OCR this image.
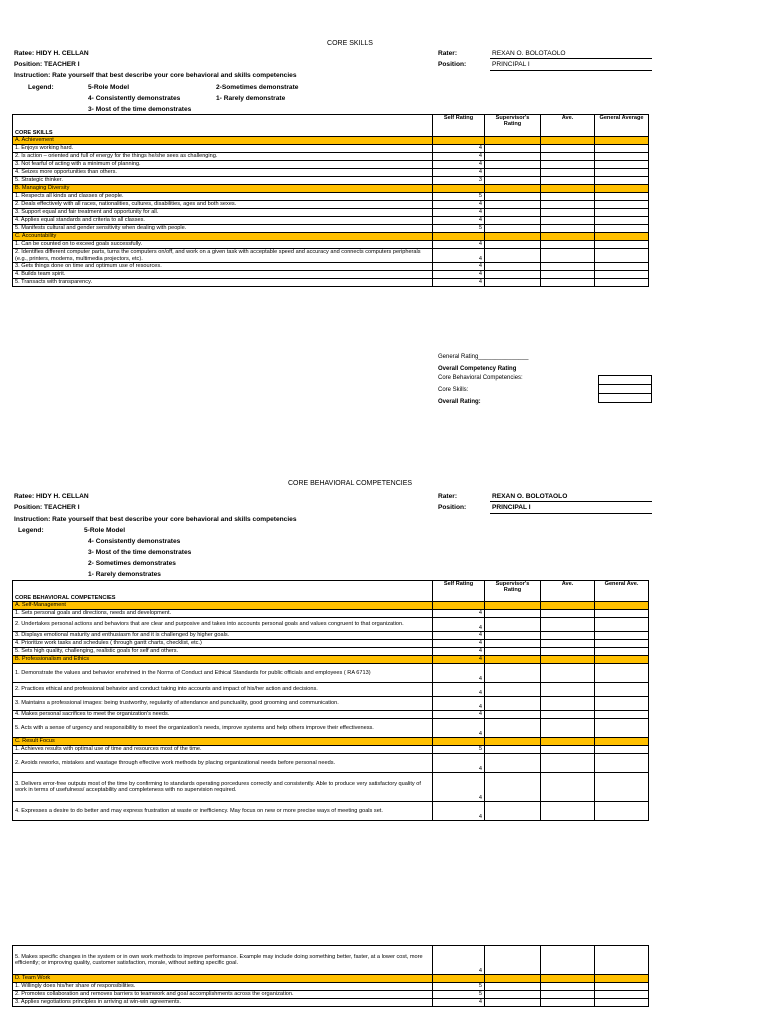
CORE SKILLS
Ratee: HIDY H. CELLAN
Position: TEACHER I
Instruction: Rate yourself that best describe your core behavioral and skills competencies
Legend:	5-Role Model	2-Sometimes demonstrate
4- Consistently demonstrates	1- Rarely demonstrate
3- Most of the time demonstrates
Rater:	REXAN O. BOLOTAOLO
Position:	PRINCIPAL I
CORE SKILLS	Self Rating	Supervisor's Rating	Ave.	General Average
A. Achievement				
1. Enjoys working hard.	4			
2. Is action – oriented and full of energy for the things he/she sees as challenging.	4			
3. Not fearful of acting with a minimum of planning.	4			
4. Seizes more opportunities than others.	4			
5. Strategic thinker.	3			
B. Managing Diversity				
1. Respects all kinds and classes of people.	5			
2. Deals effectively with all races, nationalities, cultures, disabilities, ages and both sexes.	4			
3. Support equal and fair treatment and opportunity for all.	4			
4. Applies equal standards and criteria to all classes.	4			
5. Manifests cultural and gender sensitivity when dealing with people.	5			
C. Accountability				
1. Can be counted on to exceed goals successfully.	4			
2. Identifies different computer parts, turns the computers on/off, and work on a given task with acceptable speed and accuracy and connects computers peripherals (e.g., printers, modems, multimedia projectors, etc).	4			
3. Gets things done on time and optimum use of resources.	4			
4. Builds team spirit.	4			
5. Transacts with transparency.	4			
General Rating_______________
Overall Competency Rating
Core Behavioral Competencies:
Core Skills:
Overall Rating:

CORE BEHAVIORAL COMPETENCIES
Ratee: HIDY H. CELLAN
Position: TEACHER I
Instruction: Rate yourself that best describe your core behavioral and skills competencies
Legend:	5-Role Model
4- Consistently demonstrates
3- Most of the time demonstrates
2- Sometimes demonstrates
1- Rarely demonstrates
Rater:	REXAN O. BOLOTAOLO
Position:	PRINCIPAL I
CORE BEHAVIORAL COMPETENCIES	Self Rating	Supervisor's Rating	Ave.	General Ave.
A. Self-Management				
1. Sets personal goals and directions, needs and development.	4			
2. Undertakes personal actions and behaviors that are clear and purposive and takes into accounts personal goals and values congruent to that organization.	4			
3. Displays emotional maturity and enthusiasm for and it is challenged by higher goals.	4			
4. Prioritize work tasks and schedules ( through gantt charts, checklist, etc.)	4			
5. Sets high quality, challenging, realistic goals for self and others.	4			
B. Professionalism and Ethics	4			
1. Demonstrate the values and behavior enshrined in the Norms of Conduct and Ethical Standards for public officials and employees ( RA 6713)	4			
2. Practices ethical and professional behavior and conduct taking into accounts and impact of his/her action and decisions.	4			
3. Maintains a professional images: being trustworthy, regularity of attendance and punctuality, good grooming and communication.	4			
4. Makes personal sacrifices to meet the organization's needs.	4			
5. Acts with a sense of urgency and responsibility to meet the organization's needs, improve systems and help others improve their effectiveness.	4			
C. Result Focus				
1. Achieves results with optimal use of time and resources most of the time.	5			
2. Avoids reworks, mistakes and wastage through effective work methods by placing organizational needs before personal needs.	4			
3. Delivers error-free outputs most of the time by confirming to standards operating porcedures correctly and consistently. Able to produce very satisfactory quality of work in terms of usefulness/ acceptability and completeness with no supervision required.	4			
4. Expresses a desire to do better and may express frustration at waste or inefficiency. May focus on new or more precise ways of meeting goals set.	4			
5. Makes specific changes in the system or in own work methods to improve performance. Example may include doing something better, faster, at a lower cost, more efficiently; or improving quality, customer satisfaction, morale, without setting specific goal.	4			
D. Team Work				
1. Willingly does his/her share of responsibilities.	5			
2. Promotes collaboration and removes barriers to teamwork and goal accomplishments across the organization.	5			
3. Applies negotiations principles in arriving at win-win agreements.	4			
